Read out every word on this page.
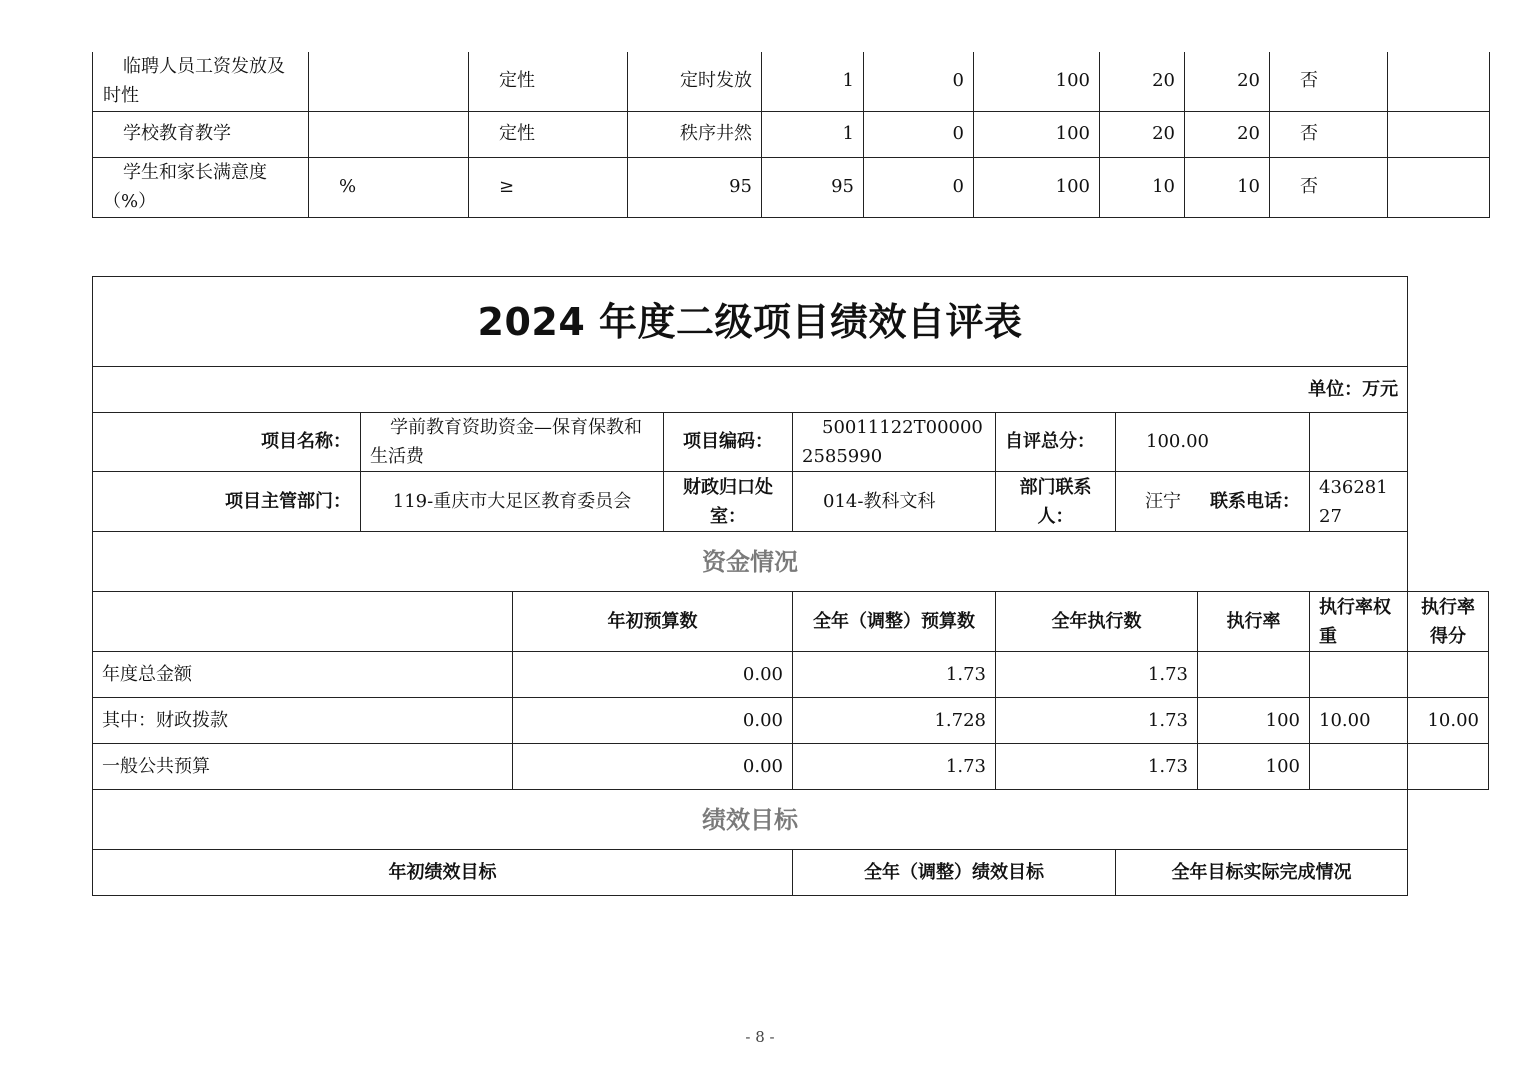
临聘人员工资发放及时性		定性	定时发放	1	0	100	20	20	否	
学校教育教学		定性	秩序井然	1	0	100	20	20	否	
学生和家长满意度（%）	%	≥	95	95	0	100	10	10	否	
2024 年度二级项目绩效自评表									
单位：万元									
项目名称：	学前教育资助资金—保育保教和生活费		项目编码：	50011122T000002585990	自评总分：	100.00			
项目主管部门：	119-重庆市大足区教育委员会		财政归口处室：	014-教科文科	部门联系人：	汪宁 联系电话：		43628127	
资金情况									
		年初预算数		全年（调整）预算数	全年执行数		执行率	执行率权重	执行率得分
年度总金额		0.00		1.73	1.73				
其中：财政拨款		0.00		1.728	1.73		100	10.00	10.00
一般公共预算		0.00		1.73	1.73		100		
绩效目标									
年初绩效目标				全年（调整）绩效目标		全年目标实际完成情况			
- 8 -
